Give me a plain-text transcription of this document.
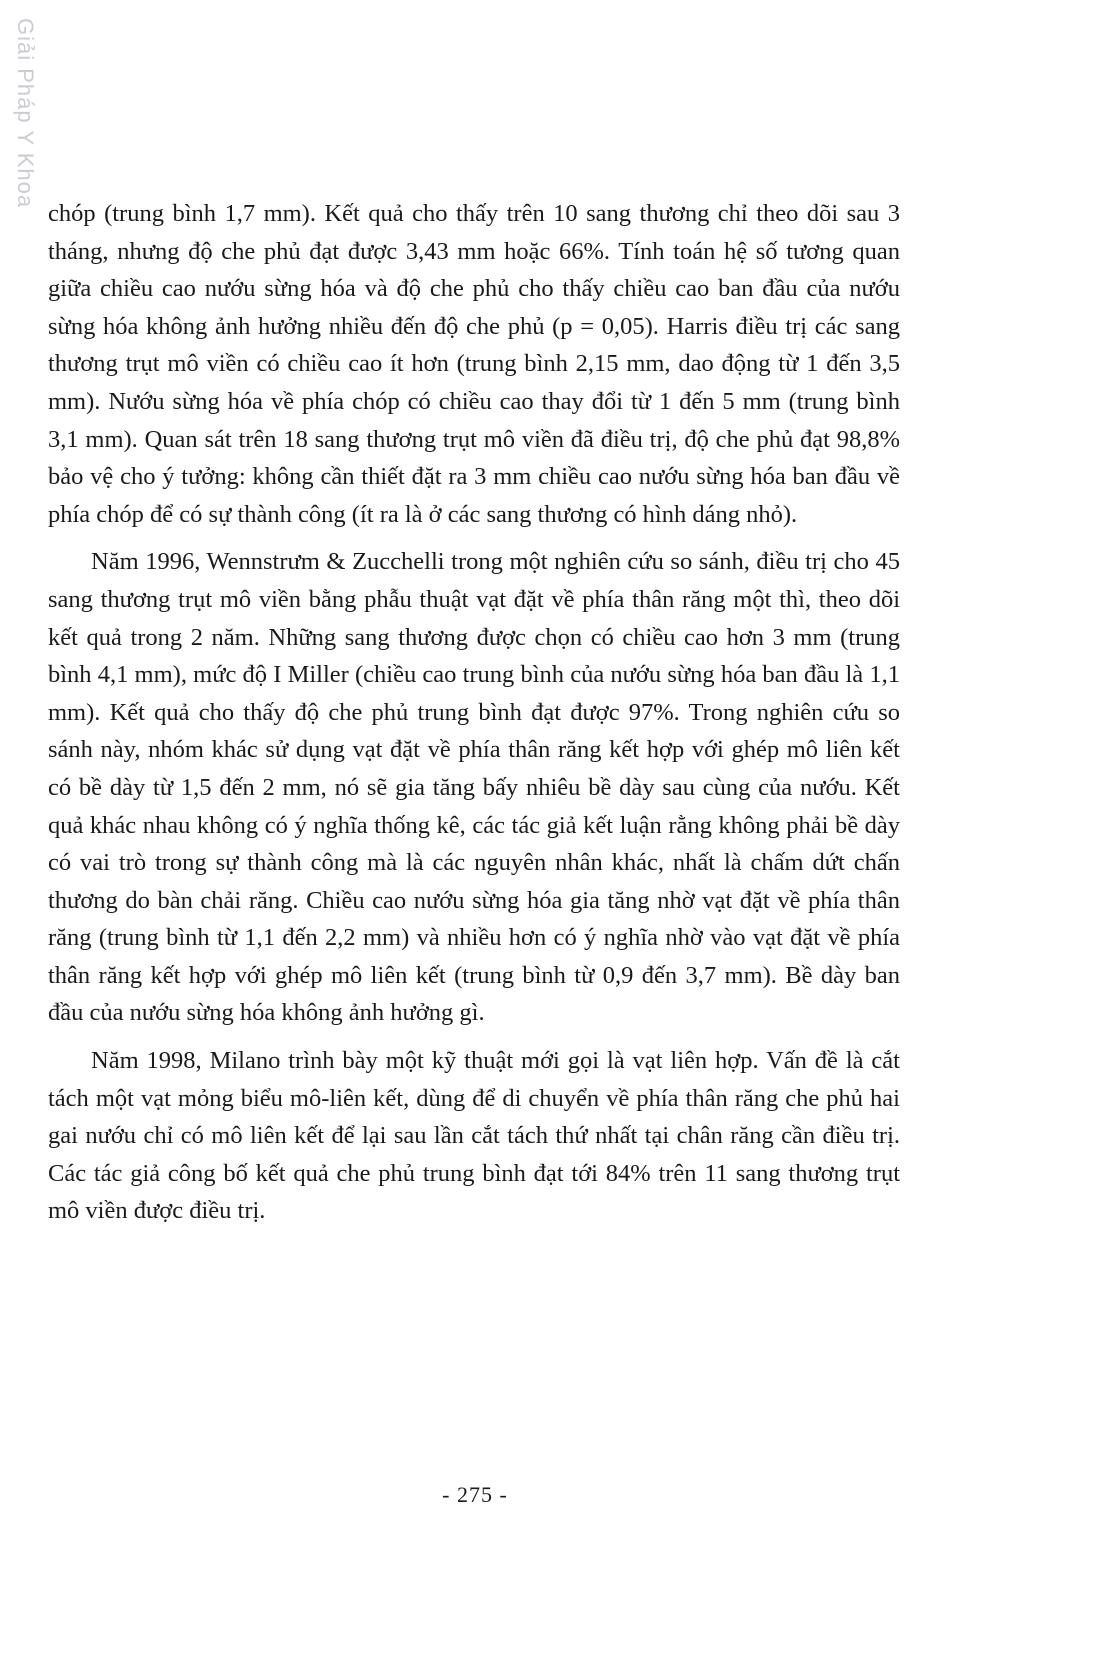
Giải Pháp Y Khoa

chóp (trung bình 1,7 mm). Kết quả cho thấy trên 10 sang thương chỉ theo dõi sau 3 tháng, nhưng độ che phủ đạt được 3,43 mm hoặc 66%. Tính toán hệ số tương quan giữa chiều cao nướu sừng hóa và độ che phủ cho thấy chiều cao ban đầu của nướu sừng hóa không ảnh hưởng nhiều đến độ che phủ (p = 0,05). Harris điều trị các sang thương trụt mô viền có chiều cao ít hơn (trung bình 2,15 mm, dao động từ 1 đến 3,5 mm). Nướu sừng hóa về phía chóp có chiều cao thay đổi từ 1 đến 5 mm (trung bình 3,1 mm). Quan sát trên 18 sang thương trụt mô viền đã điều trị, độ che phủ đạt 98,8% bảo vệ cho ý tưởng: không cần thiết đặt ra 3 mm chiều cao nướu sừng hóa ban đầu về phía chóp để có sự thành công (ít ra là ở các sang thương có hình dáng nhỏ).

Năm 1996, Wennstrưm & Zucchelli trong một nghiên cứu so sánh, điều trị cho 45 sang thương trụt mô viền bằng phẫu thuật vạt đặt về phía thân răng một thì, theo dõi kết quả trong 2 năm. Những sang thương được chọn có chiều cao hơn 3 mm (trung bình 4,1 mm), mức độ I Miller (chiều cao trung bình của nướu sừng hóa ban đầu là 1,1 mm). Kết quả cho thấy độ che phủ trung bình đạt được 97%. Trong nghiên cứu so sánh này, nhóm khác sử dụng vạt đặt về phía thân răng kết hợp với ghép mô liên kết có bề dày từ 1,5 đến 2 mm, nó sẽ gia tăng bấy nhiêu bề dày sau cùng của nướu. Kết quả khác nhau không có ý nghĩa thống kê, các tác giả kết luận rằng không phải bề dày có vai trò trong sự thành công mà là các nguyên nhân khác, nhất là chấm dứt chấn thương do bàn chải răng. Chiều cao nướu sừng hóa gia tăng nhờ vạt đặt về phía thân răng (trung bình từ 1,1 đến 2,2 mm) và nhiều hơn có ý nghĩa nhờ vào vạt đặt về phía thân răng kết hợp với ghép mô liên kết (trung bình từ 0,9 đến 3,7 mm). Bề dày ban đầu của nướu sừng hóa không ảnh hưởng gì.

Năm 1998, Milano trình bày một kỹ thuật mới gọi là vạt liên hợp. Vấn đề là cắt tách một vạt mỏng biểu mô-liên kết, dùng để di chuyển về phía thân răng che phủ hai gai nướu chỉ có mô liên kết để lại sau lần cắt tách thứ nhất tại chân răng cần điều trị. Các tác giả công bố kết quả che phủ trung bình đạt tới 84% trên 11 sang thương trụt mô viền được điều trị.

- 275 -
